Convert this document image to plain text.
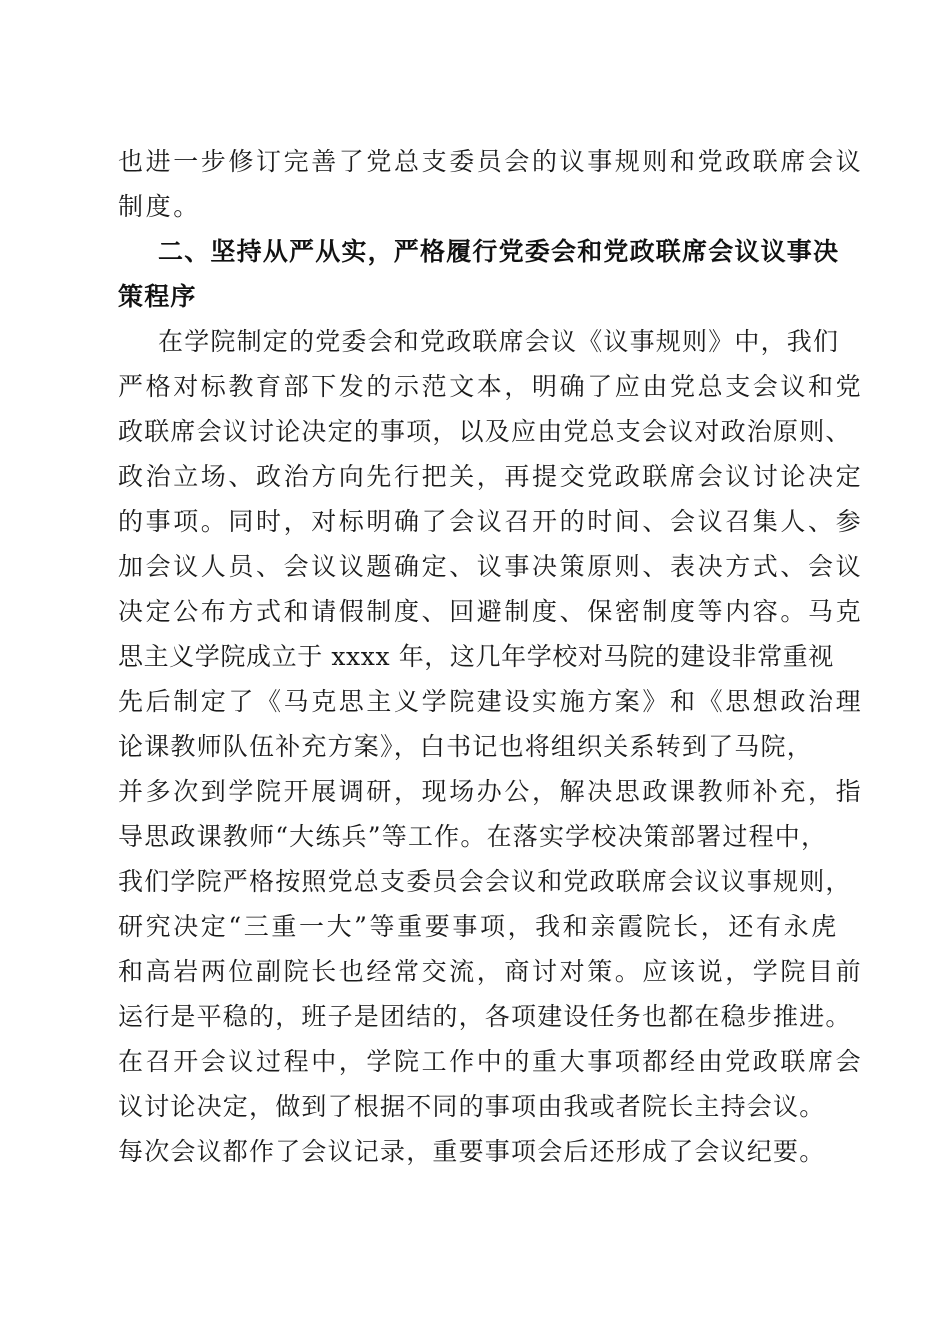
也进一步修订完善了党总支委员会的议事规则和党政联席会议
制度。
二、坚持从严从实，严格履行党委会和党政联席会议议事决
策程序
在学院制定的党委会和党政联席会议《议事规则》中，我们
严格对标教育部下发的示范文本，明确了应由党总支会议和党
政联席会议讨论决定的事项，以及应由党总支会议对政治原则、
政治立场、政治方向先行把关，再提交党政联席会议讨论决定
的事项。同时，对标明确了会议召开的时间、会议召集人、参
加会议人员、会议议题确定、议事决策原则、表决方式、会议
决定公布方式和请假制度、回避制度、保密制度等内容。马克
思主义学院成立于 xxxx 年，这几年学校对马院的建设非常重视
先后制定了《马克思主义学院建设实施方案》和《思想政治理
论课教师队伍补充方案》，白书记也将组织关系转到了马院，
并多次到学院开展调研，现场办公，解决思政课教师补充，指
导思政课教师“大练兵”等工作。在落实学校决策部署过程中，
我们学院严格按照党总支委员会会议和党政联席会议议事规则，
研究决定“三重一大”等重要事项，我和亲霞院长，还有永虎
和高岩两位副院长也经常交流，商讨对策。应该说，学院目前
运行是平稳的，班子是团结的，各项建设任务也都在稳步推进。
在召开会议过程中，学院工作中的重大事项都经由党政联席会
议讨论决定，做到了根据不同的事项由我或者院长主持会议。
每次会议都作了会议记录，重要事项会后还形成了会议纪要。
